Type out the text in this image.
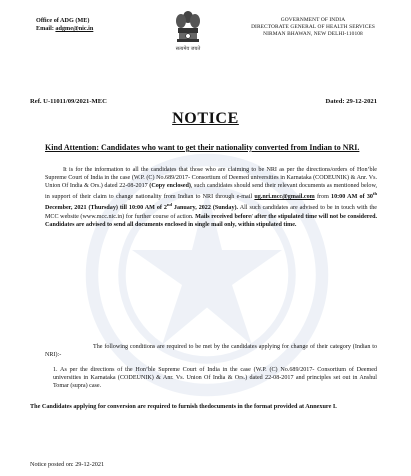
Office of ADG (ME)
Email: adgme@nic.in
सत्यमेव जयते
GOVERNMENT OF INDIA
DIRECTORATE GENERAL OF HEALTH SERVICES
NIRMAN BHAWAN, NEW DELHI-110108
Ref. U-11011/09/2021-MEC	Dated: 29-12-2021
NOTICE
Kind Attention: Candidates who want to get their nationality converted from Indian to NRI.
It is for the information to all the candidates that those who are claiming to be NRI as per the directions/orders of Hon’ble Supreme Court of India in the case (W.P. (C) No.689/2017- Consortium of Deemed universities in Karnataka (CODEUNIK) & Anr. Vs. Union Of India & Ors.) dated 22-08-2017 (Copy enclosed), such candidates should send their relevant documents as mentioned below, in support of their claim to change nationality from Indian to NRI through e-mail ug.nri.mcc@gmail.com from 10:00 AM of 30th December, 2021 (Thursday) till 10:00 AM of 2nd January, 2022 (Sunday). All such candidates are advised to be in touch with the MCC website (www.mcc.nic.in) for further course of action. Mails received before/ after the stipulated time will not be considered. Candidates are advised to send all documents enclosed in single mail only, within stipulated time.
The following conditions are required to be met by the candidates applying for change of their category (Indian to NRI):-
1. As per the directions of the Hon’ble Supreme Court of India in the case (W.P. (C) No.689/2017- Consortium of Deemed universities in Karnataka (CODEUNIK) & Anr. Vs. Union Of India & Ors.) dated 22-08-2017 and principles set out in Anshul Tomar (supra) case.
The Candidates applying for conversion are required to furnish thedocuments in the format provided at Annexure I.
Notice posted on: 29-12-2021
